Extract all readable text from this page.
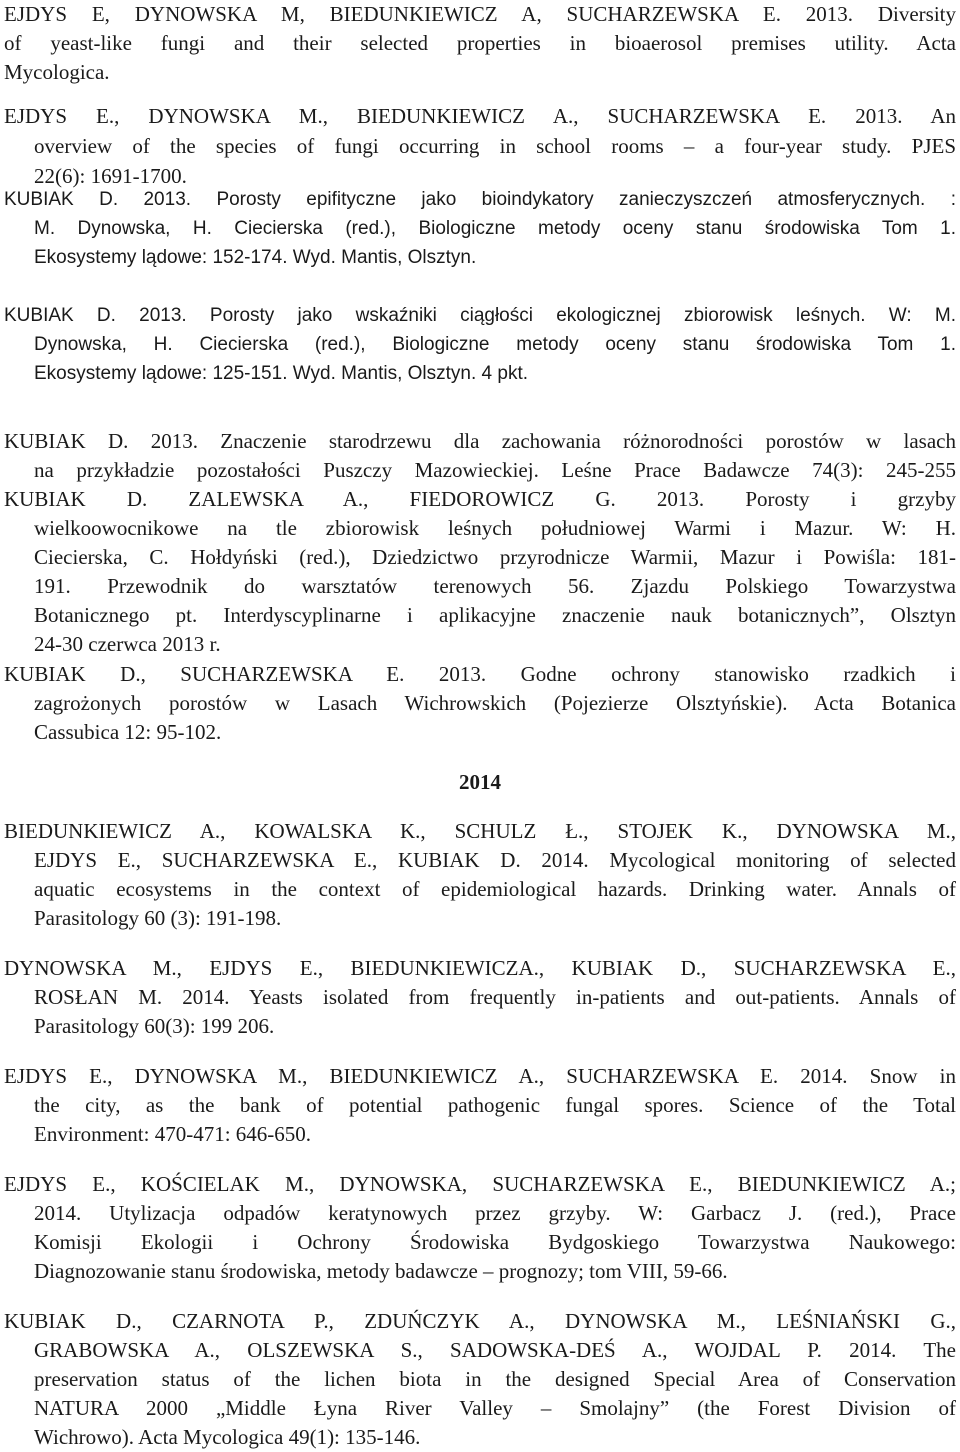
EJDYS E, DYNOWSKA M, BIEDUNKIEWICZ A, SUCHARZEWSKA E. 2013. Diversity
of yeast-like fungi and their selected properties in bioaerosol premises utility. Acta
Mycologica.
EJDYS E., DYNOWSKA M., BIEDUNKIEWICZ A., SUCHARZEWSKA E. 2013. An
overview of the species of fungi occurring in school rooms – a four-year study. PJES
22(6): 1691-1700.
KUBIAK D. 2013. Porosty epifityczne jako bioindykatory zanieczyszczeń atmosferycznych. :
M. Dynowska, H. Ciecierska (red.), Biologiczne metody oceny stanu środowiska Tom 1.
Ekosystemy lądowe: 152-174. Wyd. Mantis, Olsztyn.
KUBIAK D. 2013. Porosty jako wskaźniki ciągłości ekologicznej zbiorowisk leśnych. W: M.
Dynowska, H. Ciecierska (red.), Biologiczne metody oceny stanu środowiska Tom 1.
Ekosystemy lądowe: 125-151. Wyd. Mantis, Olsztyn. 4 pkt.
KUBIAK D. 2013. Znaczenie starodrzewu dla zachowania różnorodności porostów w lasach
na przykładzie pozostałości Puszczy Mazowieckiej. Leśne Prace Badawcze 74(3): 245-255
KUBIAK D. ZALEWSKA A., FIEDOROWICZ G. 2013. Porosty i grzyby
wielkoowocnikowe na tle zbiorowisk leśnych południowej Warmi i Mazur. W: H.
Ciecierska, C. Hołdyński (red.), Dziedzictwo przyrodnicze Warmii, Mazur i Powiśla: 181-
191. Przewodnik do warsztatów terenowych 56. Zjazdu Polskiego Towarzystwa
Botanicznego pt. Interdyscyplinarne i aplikacyjne znaczenie nauk botanicznych”, Olsztyn
24-30 czerwca 2013 r.
KUBIAK D., SUCHARZEWSKA E. 2013. Godne ochrony stanowisko rzadkich i
zagrożonych porostów w Lasach Wichrowskich (Pojezierze Olsztyńskie). Acta Botanica
Cassubica 12: 95-102.
2014
BIEDUNKIEWICZ A., KOWALSKA K., SCHULZ Ł., STOJEK K., DYNOWSKA M.,
EJDYS E., SUCHARZEWSKA E., KUBIAK D. 2014. Mycological monitoring of selected
aquatic ecosystems in the context of epidemiological hazards. Drinking water. Annals of
Parasitology 60 (3): 191-198.
DYNOWSKA M., EJDYS E., BIEDUNKIEWICZA., KUBIAK D., SUCHARZEWSKA E.,
ROSŁAN M. 2014. Yeasts isolated from frequently in-patients and out-patients. Annals of
Parasitology 60(3): 199 206.
EJDYS E., DYNOWSKA M., BIEDUNKIEWICZ A., SUCHARZEWSKA E. 2014. Snow in
the city, as the bank of potential pathogenic fungal spores. Science of the Total
Environment: 470-471: 646-650.
EJDYS E., KOŚCIELAK M., DYNOWSKA, SUCHARZEWSKA E., BIEDUNKIEWICZ A.;
2014. Utylizacja odpadów keratynowych przez grzyby. W: Garbacz J. (red.), Prace
Komisji Ekologii i Ochrony Środowiska Bydgoskiego Towarzystwa Naukowego:
Diagnozowanie stanu środowiska, metody badawcze – prognozy; tom VIII, 59-66.
KUBIAK D., CZARNOTA P., ZDUŃCZYK A., DYNOWSKA M., LEŚNIAŃSKI G.,
GRABOWSKA A., OLSZEWSKA S., SADOWSKA-DEŚ A., WOJDAL P. 2014. The
preservation status of the lichen biota in the designed Special Area of Conservation
NATURA 2000 „Middle Łyna River Valley – Smolajny” (the Forest Division of
Wichrowo). Acta Mycologica 49(1): 135-146.
